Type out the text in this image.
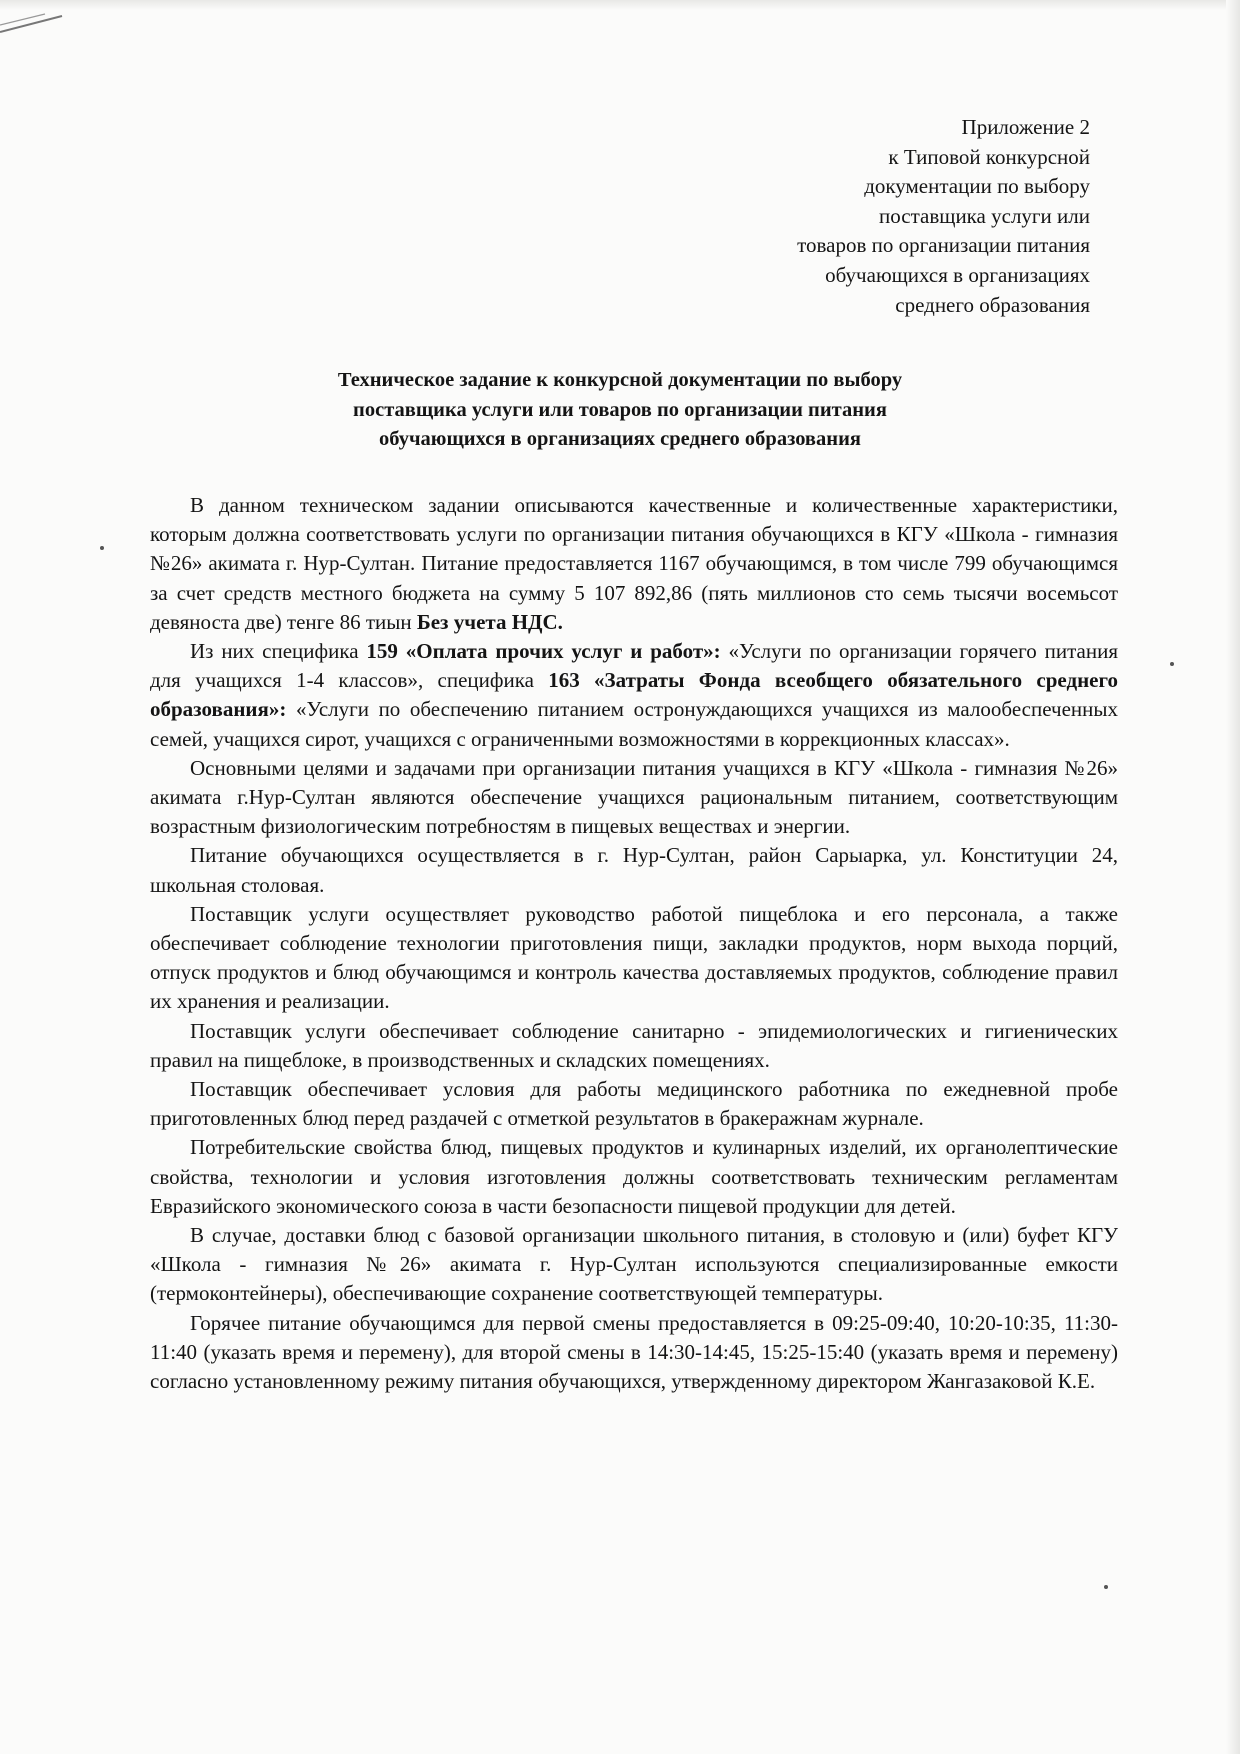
Приложение 2
к Типовой конкурсной
документации по выбору
поставщика услуги или
товаров по организации питания
обучающихся в организациях
среднего образования
Техническое задание к конкурсной документации по выбору
поставщика услуги или товаров по организации питания
обучающихся в организациях среднего образования

В данном техническом задании описываются качественные и количественные характеристики, которым должна соответствовать услуги по организации питания обучающихся в КГУ «Школа - гимназия №26» акимата г. Нур-Султан. Питание предоставляется 1167 обучающимся, в том числе 799 обучающимся за счет средств местного бюджета на сумму 5 107 892,86 (пять миллионов сто семь тысячи восемьсот девяноста две) тенге 86 тиын Без учета НДС.

Из них специфика 159 «Оплата прочих услуг и работ»: «Услуги по организации горячего питания для учащихся 1-4 классов», специфика 163 «Затраты Фонда всеобщего обязательного среднего образования»: «Услуги по обеспечению питанием остронуждающихся учащихся из малообеспеченных семей, учащихся сирот, учащихся с ограниченными возможностями в коррекционных классах».

Основными целями и задачами при организации питания учащихся в КГУ «Школа - гимназия №26» акимата г.Нур-Султан являются обеспечение учащихся рациональным питанием, соответствующим возрастным физиологическим потребностям в пищевых веществах и энергии.

Питание обучающихся осуществляется в г. Нур-Султан, район Сарыарка, ул. Конституции 24, школьная столовая.

Поставщик услуги осуществляет руководство работой пищеблока и его персонала, а также обеспечивает соблюдение технологии приготовления пищи, закладки продуктов, норм выхода порций, отпуск продуктов и блюд обучающимся и контроль качества доставляемых продуктов, соблюдение правил их хранения и реализации.

Поставщик услуги обеспечивает соблюдение санитарно - эпидемиологических и гигиенических правил на пищеблоке, в производственных и складских помещениях.

Поставщик обеспечивает условия для работы медицинского работника по ежедневной пробе приготовленных блюд перед раздачей с отметкой результатов в бракеражнам журнале.

Потребительские свойства блюд, пищевых продуктов и кулинарных изделий, их органолептические свойства, технологии и условия изготовления должны соответствовать техническим регламентам Евразийского экономического союза в части безопасности пищевой продукции для детей.

В случае, доставки блюд с базовой организации школьного питания, в столовую и (или) буфет КГУ «Школа - гимназия №26» акимата г. Нур-Султан используются специализированные емкости (термоконтейнеры), обеспечивающие сохранение соответствующей температуры.

Горячее питание обучающимся для первой смены предоставляется в 09:25-09:40, 10:20-10:35, 11:30-11:40 (указать время и перемену), для второй смены в 14:30-14:45, 15:25-15:40 (указать время и перемену) согласно установленному режиму питания обучающихся, утвержденному директором Жангазаковой К.Е.
